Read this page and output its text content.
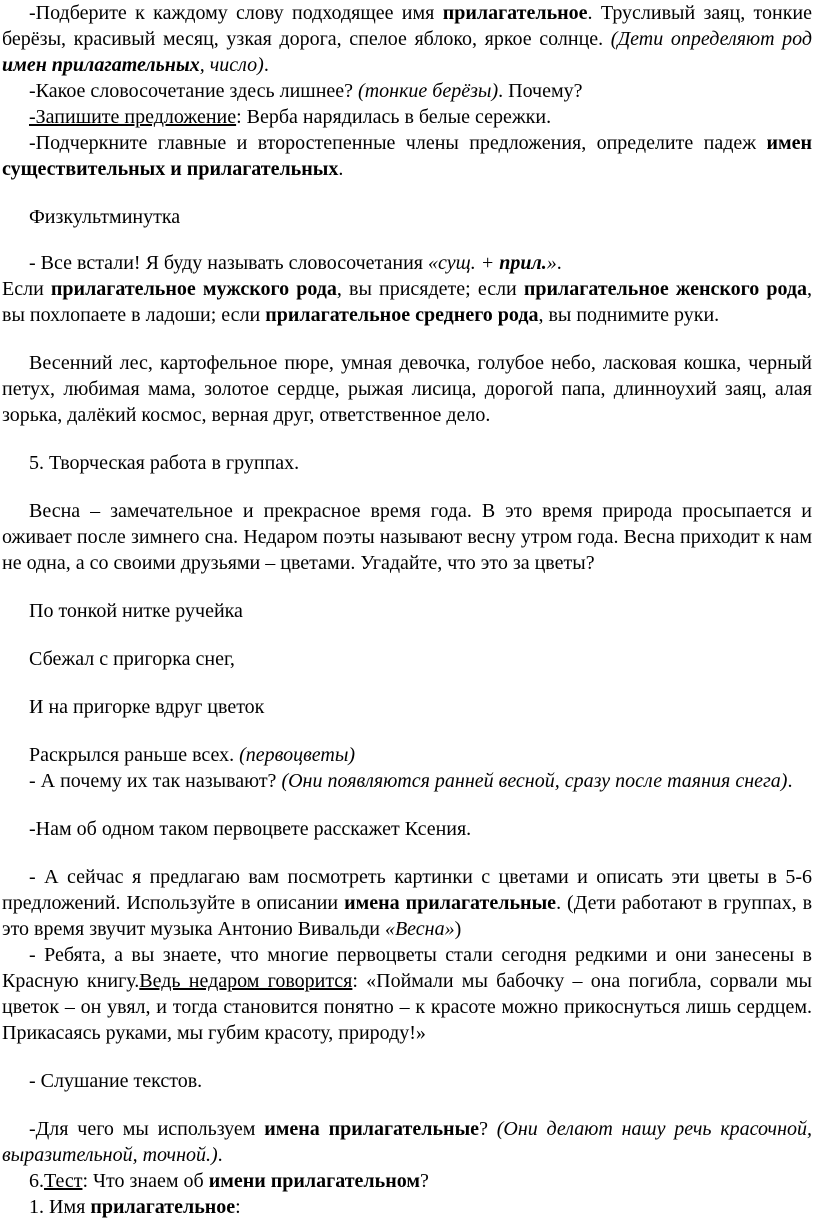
-Подберите к каждому слову подходящее имя прилагательное. Трусливый заяц, тонкие берёзы, красивый месяц, узкая дорога, спелое яблоко, яркое солнце. (Дети определяют род имен прилагательных, число).

-Какое словосочетание здесь лишнее? (тонкие берёзы). Почему?

-Запишите предложение: Верба нарядилась в белые сережки.

-Подчеркните главные и второстепенные члены предложения, определите падеж имен существительных и прилагательных.

Физкультминутка

- Все встали! Я буду называть словосочетания «сущ. + прил.».

Если прилагательное мужского рода, вы присядете; если прилагательное женского рода, вы похлопаете в ладоши; если прилагательное среднего рода, вы поднимите руки.

Весенний лес, картофельное пюре, умная девочка, голубое небо, ласковая кошка, черный петух, любимая мама, золотое сердце, рыжая лисица, дорогой папа, длинноухий заяц, алая зорька, далёкий космос, верная друг, ответственное дело.

5. Творческая работа в группах.

Весна – замечательное и прекрасное время года. В это время природа просыпается и оживает после зимнего сна. Недаром поэты называют весну утром года. Весна приходит к нам не одна, а со своими друзьями – цветами. Угадайте, что это за цветы?

По тонкой нитке ручейка

Сбежал с пригорка снег,

И на пригорке вдруг цветок

Раскрылся раньше всех. (первоцветы)

- А почему их так называют? (Они появляются ранней весной, сразу после таяния снега).

-Нам об одном таком первоцвете расскажет Ксения.

- А сейчас я предлагаю вам посмотреть картинки с цветами и описать эти цветы в 5-6 предложений. Используйте в описании имена прилагательные. (Дети работают в группах, в это время звучит музыка Антонио Вивальди «Весна»)

- Ребята, а вы знаете, что многие первоцветы стали сегодня редкими и они занесены в Красную книгу.Ведь недаром говорится: «Поймали мы бабочку – она погибла, сорвали мы цветок – он увял, и тогда становится понятно – к красоте можно прикоснуться лишь сердцем. Прикасаясь руками, мы губим красоту, природу!»

- Слушание текстов.

-Для чего мы используем имена прилагательные? (Они делают нашу речь красочной, выразительной, точной.).

6.Тест: Что знаем об имени прилагательном?

1. Имя прилагательное:
